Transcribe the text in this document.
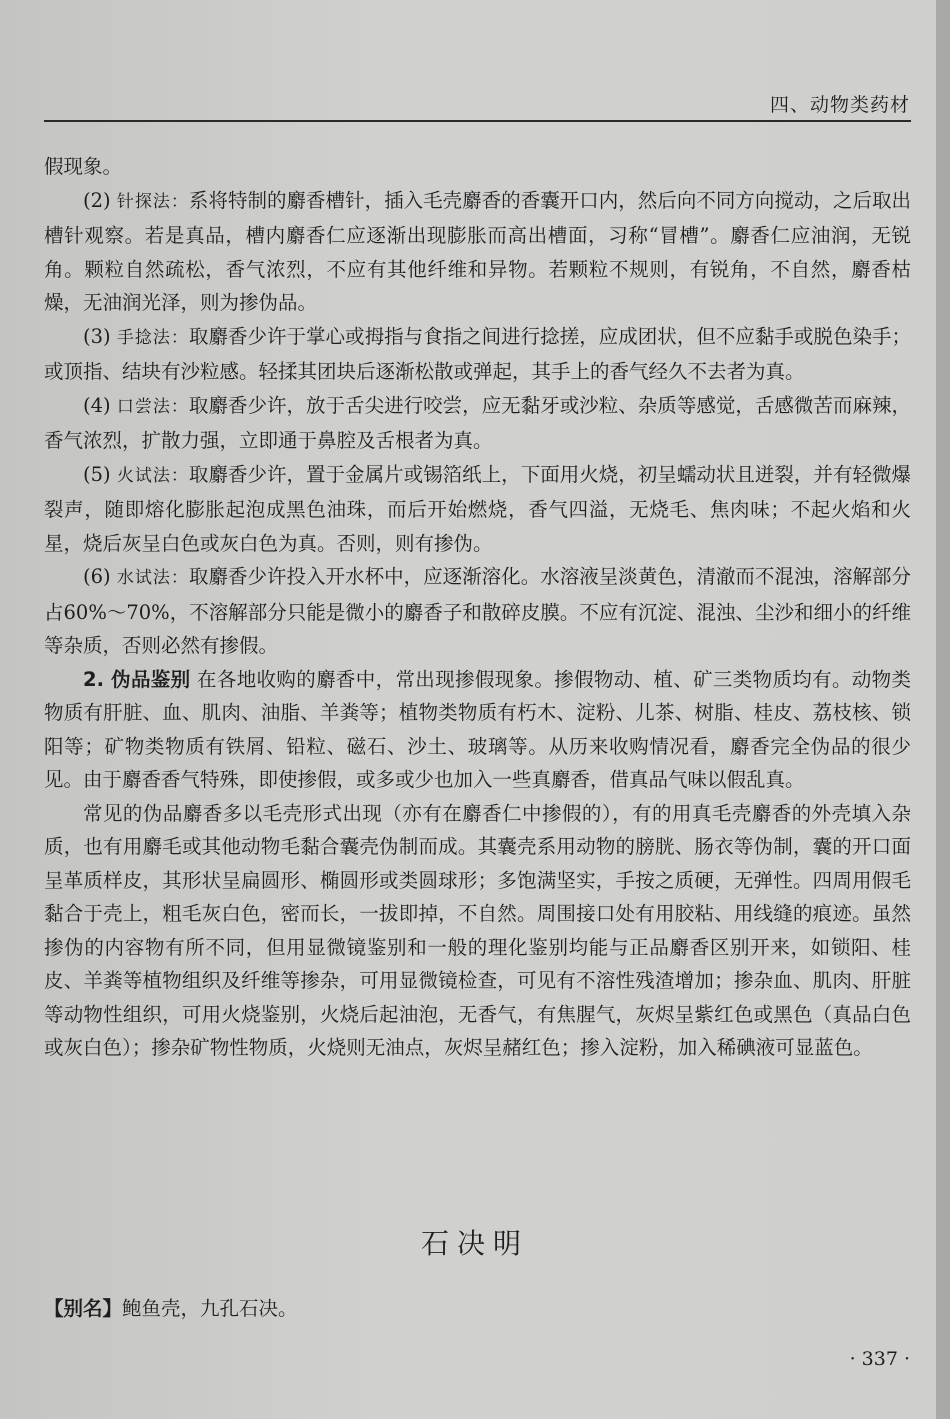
四、动物类药材

假现象。

(2) 针探法：系将特制的麝香槽针，插入毛壳麝香的香囊开口内，然后向不同方向搅动，之后取出槽针观察。若是真品，槽内麝香仁应逐渐出现膨胀而高出槽面，习称“冒槽”。麝香仁应油润，无锐角。颗粒自然疏松，香气浓烈，不应有其他纤维和异物。若颗粒不规则，有锐角，不自然，麝香枯燥，无油润光泽，则为掺伪品。

(3) 手捻法：取麝香少许于掌心或拇指与食指之间进行捻搓，应成团状，但不应黏手或脱色染手；或顶指、结块有沙粒感。轻揉其团块后逐渐松散或弹起，其手上的香气经久不去者为真。

(4) 口尝法：取麝香少许，放于舌尖进行咬尝，应无黏牙或沙粒、杂质等感觉，舌感微苦而麻辣，香气浓烈，扩散力强，立即通于鼻腔及舌根者为真。

(5) 火试法：取麝香少许，置于金属片或锡箔纸上，下面用火烧，初呈蠕动状且迸裂，并有轻微爆裂声，随即熔化膨胀起泡成黑色油珠，而后开始燃烧，香气四溢，无烧毛、焦肉味；不起火焰和火星，烧后灰呈白色或灰白色为真。否则，则有掺伪。

(6) 水试法：取麝香少许投入开水杯中，应逐渐溶化。水溶液呈淡黄色，清澈而不混浊，溶解部分占60%～70%，不溶解部分只能是微小的麝香子和散碎皮膜。不应有沉淀、混浊、尘沙和细小的纤维等杂质，否则必然有掺假。

2. 伪品鉴别 在各地收购的麝香中，常出现掺假现象。掺假物动、植、矿三类物质均有。动物类物质有肝脏、血、肌肉、油脂、羊粪等；植物类物质有朽木、淀粉、儿茶、树脂、桂皮、荔枝核、锁阳等；矿物类物质有铁屑、铅粒、磁石、沙土、玻璃等。从历来收购情况看，麝香完全伪品的很少见。由于麝香香气特殊，即使掺假，或多或少也加入一些真麝香，借真品气味以假乱真。

常见的伪品麝香多以毛壳形式出现（亦有在麝香仁中掺假的），有的用真毛壳麝香的外壳填入杂质，也有用麝毛或其他动物毛黏合囊壳伪制而成。其囊壳系用动物的膀胱、肠衣等伪制，囊的开口面呈革质样皮，其形状呈扁圆形、椭圆形或类圆球形；多饱满坚实，手按之质硬，无弹性。四周用假毛黏合于壳上，粗毛灰白色，密而长，一拔即掉，不自然。周围接口处有用胶粘、用线缝的痕迹。虽然掺伪的内容物有所不同，但用显微镜鉴别和一般的理化鉴别均能与正品麝香区别开来，如锁阳、桂皮、羊粪等植物组织及纤维等掺杂，可用显微镜检查，可见有不溶性残渣增加；掺杂血、肌肉、肝脏等动物性组织，可用火烧鉴别，火烧后起油泡，无香气，有焦腥气，灰烬呈紫红色或黑色（真品白色或灰白色）；掺杂矿物性物质，火烧则无油点，灰烬呈赭红色；掺入淀粉，加入稀碘液可显蓝色。

石决明
【别名】鲍鱼壳，九孔石决。
· 337 ·
